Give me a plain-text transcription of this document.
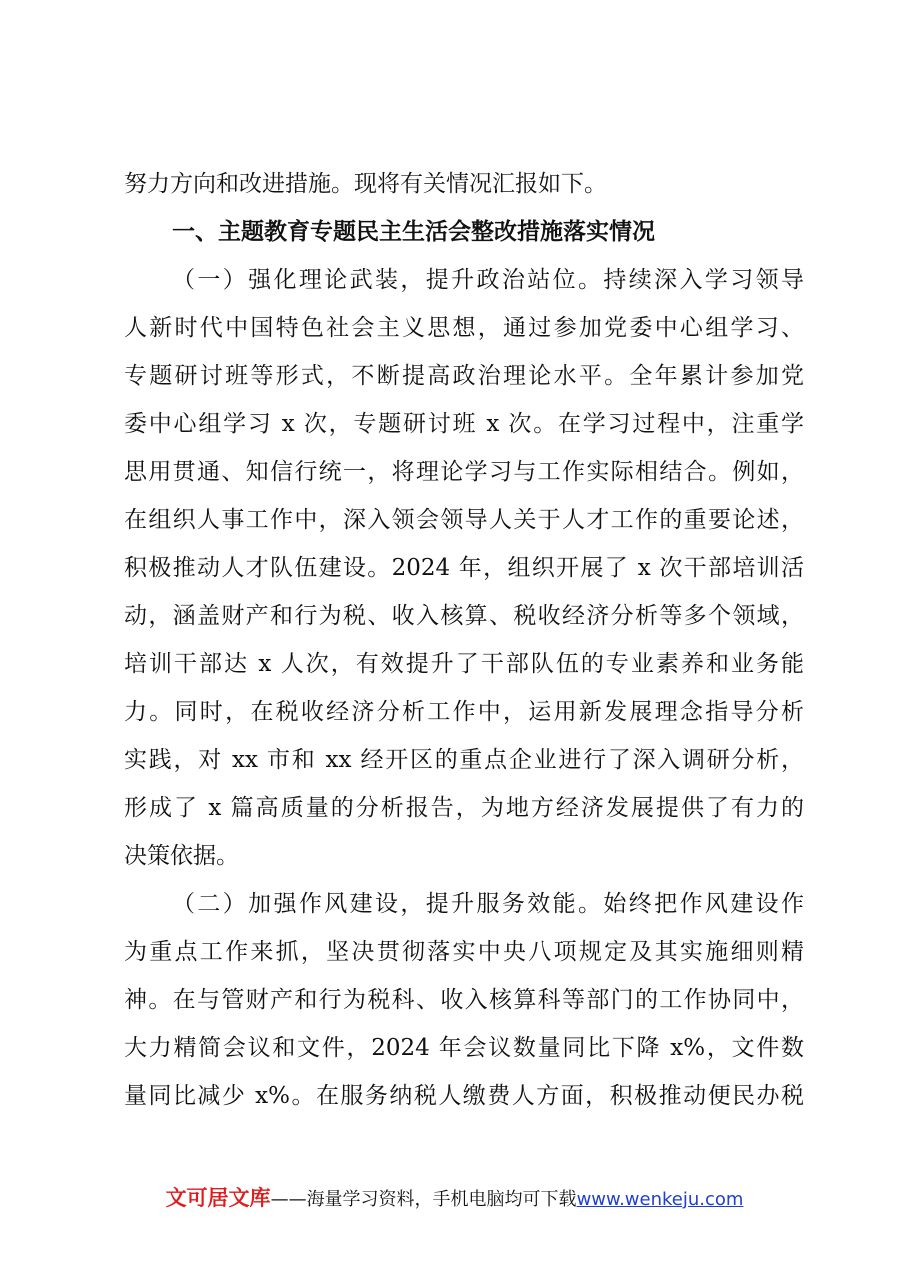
努力方向和改进措施。现将有关情况汇报如下。
一、主题教育专题民主生活会整改措施落实情况
（一）强化理论武装，提升政治站位。持续深入学习领导
人新时代中国特色社会主义思想，通过参加党委中心组学习、
专题研讨班等形式，不断提高政治理论水平。全年累计参加党
委中心组学习 x 次，专题研讨班 x 次。在学习过程中，注重学
思用贯通、知信行统一，将理论学习与工作实际相结合。例如，
在组织人事工作中，深入领会领导人关于人才工作的重要论述，
积极推动人才队伍建设。2024 年，组织开展了 x 次干部培训活
动，涵盖财产和行为税、收入核算、税收经济分析等多个领域，
培训干部达 x 人次，有效提升了干部队伍的专业素养和业务能
力。同时，在税收经济分析工作中，运用新发展理念指导分析
实践，对 xx 市和 xx 经开区的重点企业进行了深入调研分析，
形成了 x 篇高质量的分析报告，为地方经济发展提供了有力的
决策依据。
（二）加强作风建设，提升服务效能。始终把作风建设作
为重点工作来抓，坚决贯彻落实中央八项规定及其实施细则精
神。在与管财产和行为税科、收入核算科等部门的工作协同中，
大力精简会议和文件，2024 年会议数量同比下降 x%，文件数
量同比减少 x%。在服务纳税人缴费人方面，积极推动便民办税
文可居文库——海量学习资料，手机电脑均可下载www.wenkeju.com
